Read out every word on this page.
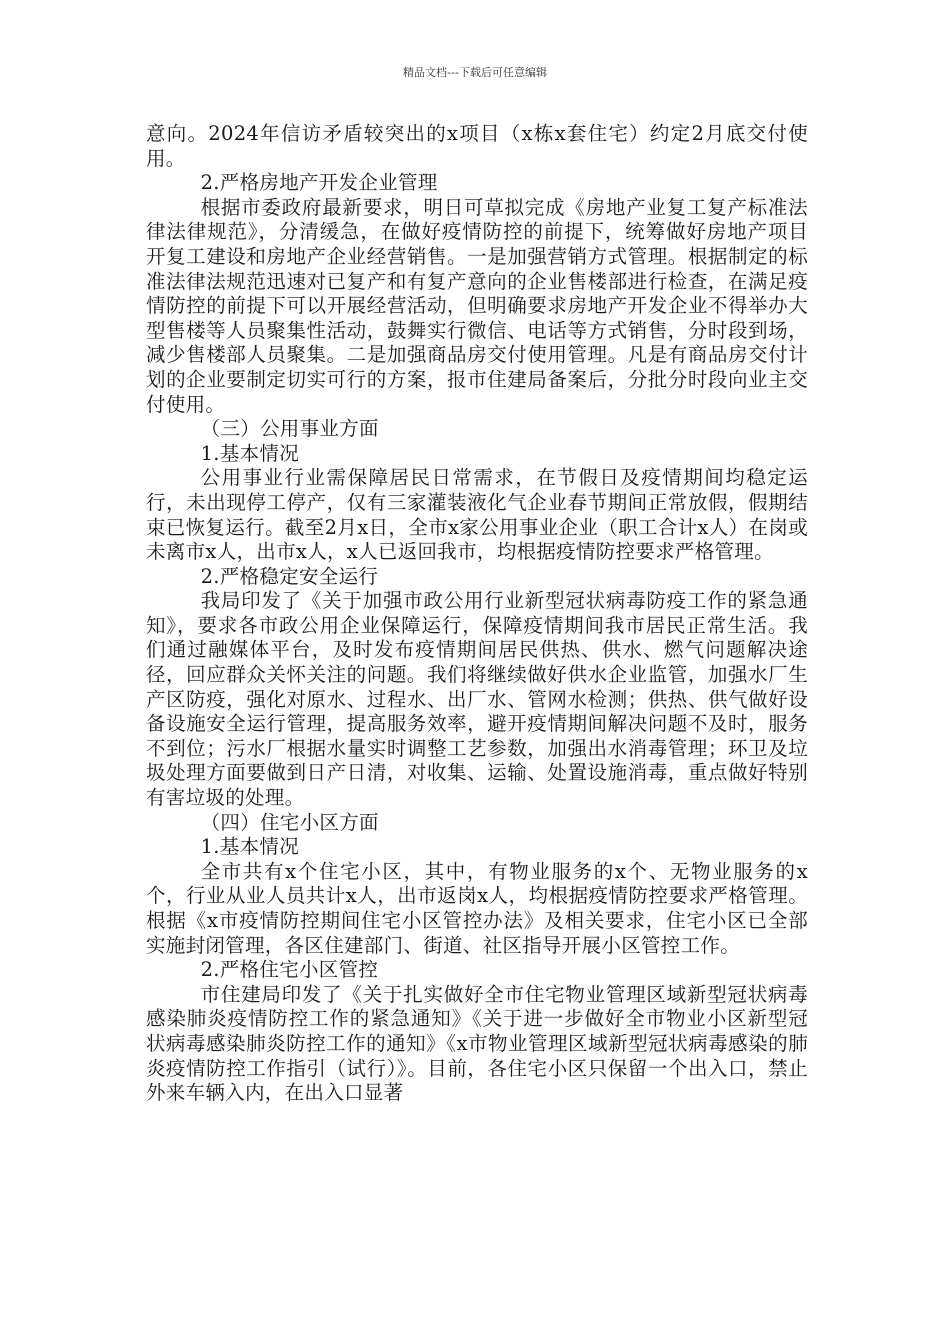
精品文档---下载后可任意编辑

意向。2024年信访矛盾较突出的x项目（x栋x套住宅）约定2月底交付使用。

2.严格房地产开发企业管理

根据市委政府最新要求，明日可草拟完成《房地产业复工复产标准法律法律规范》，分清缓急，在做好疫情防控的前提下，统筹做好房地产项目开复工建设和房地产企业经营销售。一是加强营销方式管理。根据制定的标准法律法规范迅速对已复产和有复产意向的企业售楼部进行检查，在满足疫情防控的前提下可以开展经营活动，但明确要求房地产开发企业不得举办大型售楼等人员聚集性活动，鼓舞实行微信、电话等方式销售，分时段到场，减少售楼部人员聚集。二是加强商品房交付使用管理。凡是有商品房交付计划的企业要制定切实可行的方案，报市住建局备案后，分批分时段向业主交付使用。

（三）公用事业方面

1.基本情况

公用事业行业需保障居民日常需求，在节假日及疫情期间均稳定运行，未出现停工停产，仅有三家灌装液化气企业春节期间正常放假，假期结束已恢复运行。截至2月x日，全市x家公用事业企业（职工合计x人）在岗或未离市x人，出市x人，x人已返回我市，均根据疫情防控要求严格管理。

2.严格稳定安全运行

我局印发了《关于加强市政公用行业新型冠状病毒防疫工作的紧急通知》，要求各市政公用企业保障运行，保障疫情期间我市居民正常生活。我们通过融媒体平台，及时发布疫情期间居民供热、供水、燃气问题解决途径，回应群众关怀关注的问题。我们将继续做好供水企业监管，加强水厂生产区防疫，强化对原水、过程水、出厂水、管网水检测；供热、供气做好设备设施安全运行管理，提高服务效率，避开疫情期间解决问题不及时，服务不到位；污水厂根据水量实时调整工艺参数，加强出水消毒管理；环卫及垃圾处理方面要做到日产日清，对收集、运输、处置设施消毒，重点做好特别有害垃圾的处理。

（四）住宅小区方面

1.基本情况

全市共有x个住宅小区，其中，有物业服务的x个、无物业服务的x个，行业从业人员共计x人，出市返岗x人，均根据疫情防控要求严格管理。根据《x市疫情防控期间住宅小区管控办法》及相关要求，住宅小区已全部实施封闭管理，各区住建部门、街道、社区指导开展小区管控工作。

2.严格住宅小区管控

市住建局印发了《关于扎实做好全市住宅物业管理区域新型冠状病毒感染肺炎疫情防控工作的紧急通知》《关于进一步做好全市物业小区新型冠状病毒感染肺炎防控工作的通知》《x市物业管理区域新型冠状病毒感染的肺炎疫情防控工作指引（试行）》。目前，各住宅小区只保留一个出入口，禁止外来车辆入内，在出入口显著
